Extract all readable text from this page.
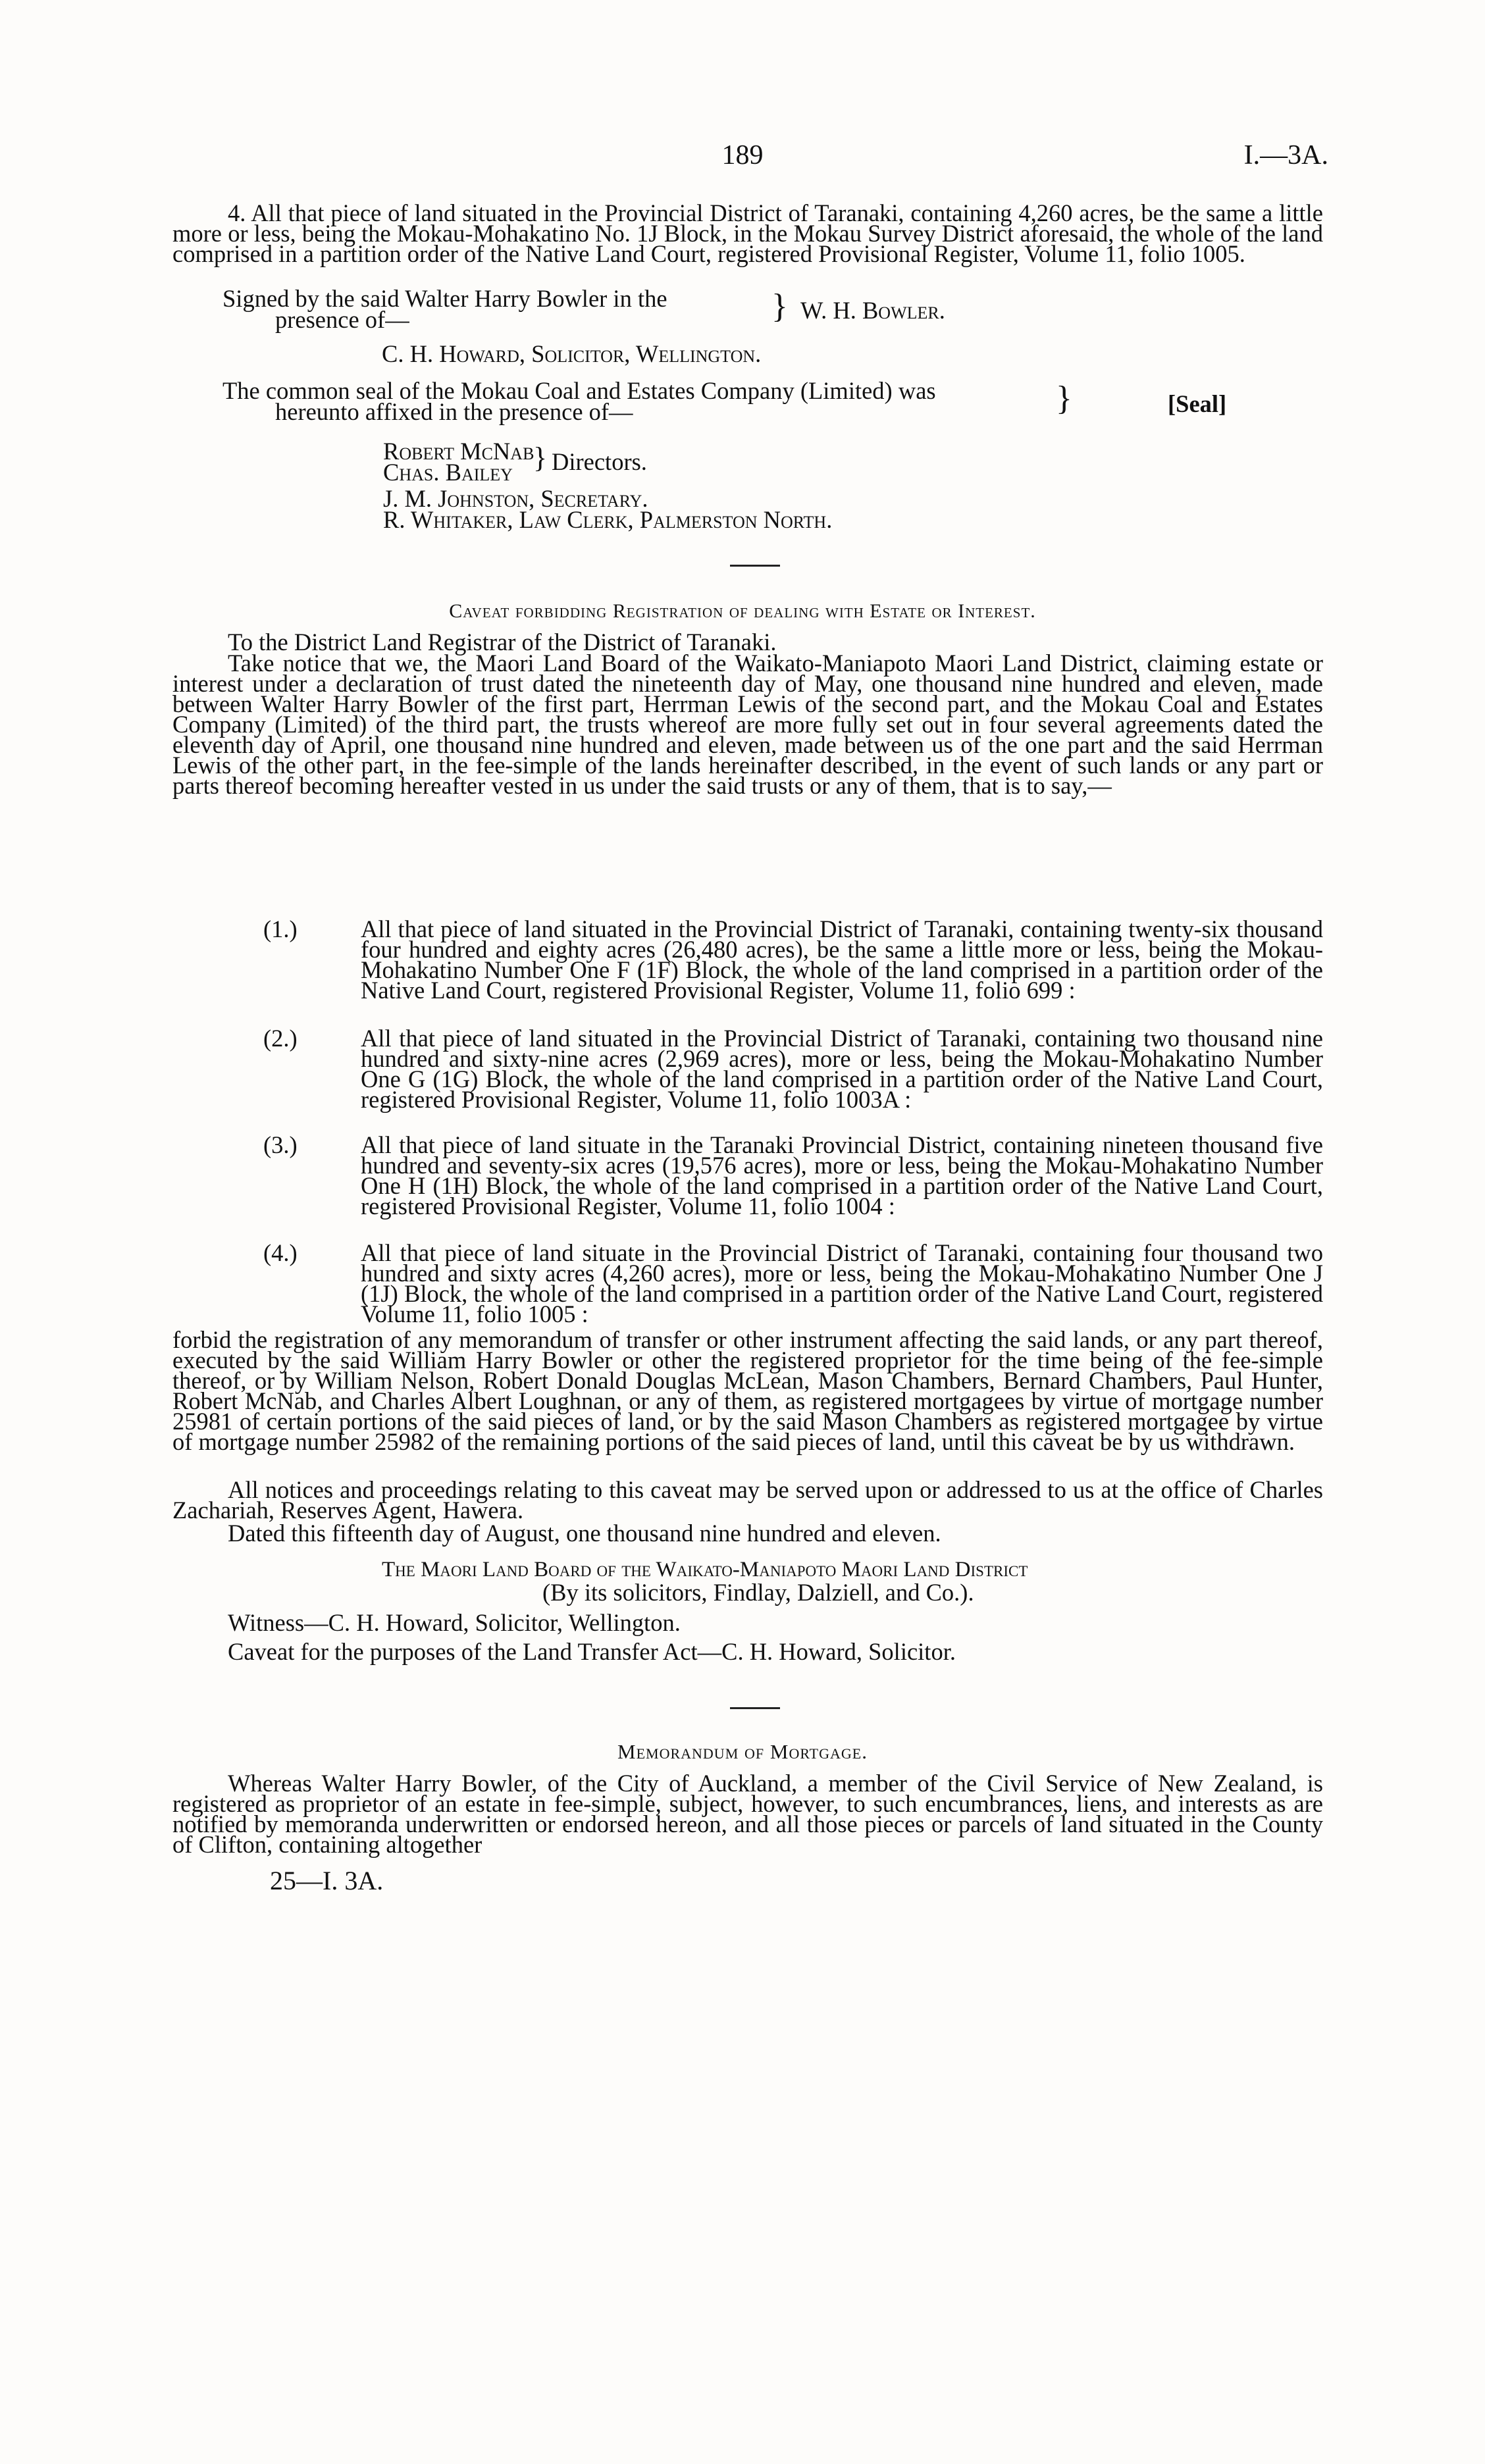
189	I.—3A.
4. All that piece of land situated in the Provincial District of Taranaki, containing 4,260 acres, be the same a little more or less, being the Mokau-Mohakatino No. 1J Block, in the Mokau Survey District aforesaid, the whole of the land comprised in a partition order of the Native Land Court, registered Provisional Register, Volume 11, folio 1005.
Signed by the said Walter Harry Bowler in the
presence of—	} W. H. Bowler.
C. H. Howard, Solicitor, Wellington.
The common seal of the Mokau Coal and Estates Company (Limited) was
hereunto affixed in the presence of—	}	[Seal]
Robert McNab
Chas. Bailey } Directors.
J. M. Johnston, Secretary.
R. Whitaker, Law Clerk, Palmerston North.
Caveat forbidding Registration of dealing with Estate or Interest.
To the District Land Registrar of the District of Taranaki.
Take notice that we, the Maori Land Board of the Waikato-Maniapoto Maori Land District, claiming estate or interest under a declaration of trust dated the nineteenth day of May, one thousand nine hundred and eleven, made between Walter Harry Bowler of the first part, Herrman Lewis of the second part, and the Mokau Coal and Estates Company (Limited) of the third part, the trusts whereof are more fully set out in four several agreements dated the eleventh day of April, one thousand nine hundred and eleven, made between us of the one part and the said Herrman Lewis of the other part, in the fee-simple of the lands hereinafter described, in the event of such lands or any part or parts thereof becoming hereafter vested in us under the said trusts or any of them, that is to say,—
(1.)	All that piece of land situated in the Provincial District of Taranaki, containing twenty-six thousand four hundred and eighty acres (26,480 acres), be the same a little more or less, being the Mokau-Mohakatino Number One F (1F) Block, the whole of the land comprised in a partition order of the Native Land Court, registered Provisional Register, Volume 11, folio 699 :
(2.)	All that piece of land situated in the Provincial District of Taranaki, containing two thousand nine hundred and sixty-nine acres (2,969 acres), more or less, being the Mokau-Mohakatino Number One G (1G) Block, the whole of the land comprised in a partition order of the Native Land Court, registered Provisional Register, Volume 11, folio 1003A :
(3.)	All that piece of land situate in the Taranaki Provincial District, containing nineteen thousand five hundred and seventy-six acres (19,576 acres), more or less, being the Mokau-Mohakatino Number One H (1H) Block, the whole of the land comprised in a partition order of the Native Land Court, registered Provisional Register, Volume 11, folio 1004 :
(4.)	All that piece of land situate in the Provincial District of Taranaki, containing four thousand two hundred and sixty acres (4,260 acres), more or less, being the Mokau-Mohakatino Number One J (1J) Block, the whole of the land comprised in a partition order of the Native Land Court, registered Volume 11, folio 1005 :
forbid the registration of any memorandum of transfer or other instrument affecting the said lands, or any part thereof, executed by the said William Harry Bowler or other the registered proprietor for the time being of the fee-simple thereof, or by William Nelson, Robert Donald Douglas McLean, Mason Chambers, Bernard Chambers, Paul Hunter, Robert McNab, and Charles Albert Loughnan, or any of them, as registered mortgagees by virtue of mortgage number 25981 of certain portions of the said pieces of land, or by the said Mason Chambers as registered mortgagee by virtue of mortgage number 25982 of the remaining portions of the said pieces of land, until this caveat be by us withdrawn.
All notices and proceedings relating to this caveat may be served upon or addressed to us at the office of Charles Zachariah, Reserves Agent, Hawera.
Dated this fifteenth day of August, one thousand nine hundred and eleven.
The Maori Land Board of the Waikato-Maniapoto Maori Land District
(By its solicitors, Findlay, Dalziell, and Co.).
Witness—C. H. Howard, Solicitor, Wellington.
Caveat for the purposes of the Land Transfer Act—C. H. Howard, Solicitor.
Memorandum of Mortgage.
Whereas Walter Harry Bowler, of the City of Auckland, a member of the Civil Service of New Zealand, is registered as proprietor of an estate in fee-simple, subject, however, to such encumbrances, liens, and interests as are notified by memoranda underwritten or endorsed hereon, and all those pieces or parcels of land situated in the County of Clifton, containing altogether
25—I. 3A.
